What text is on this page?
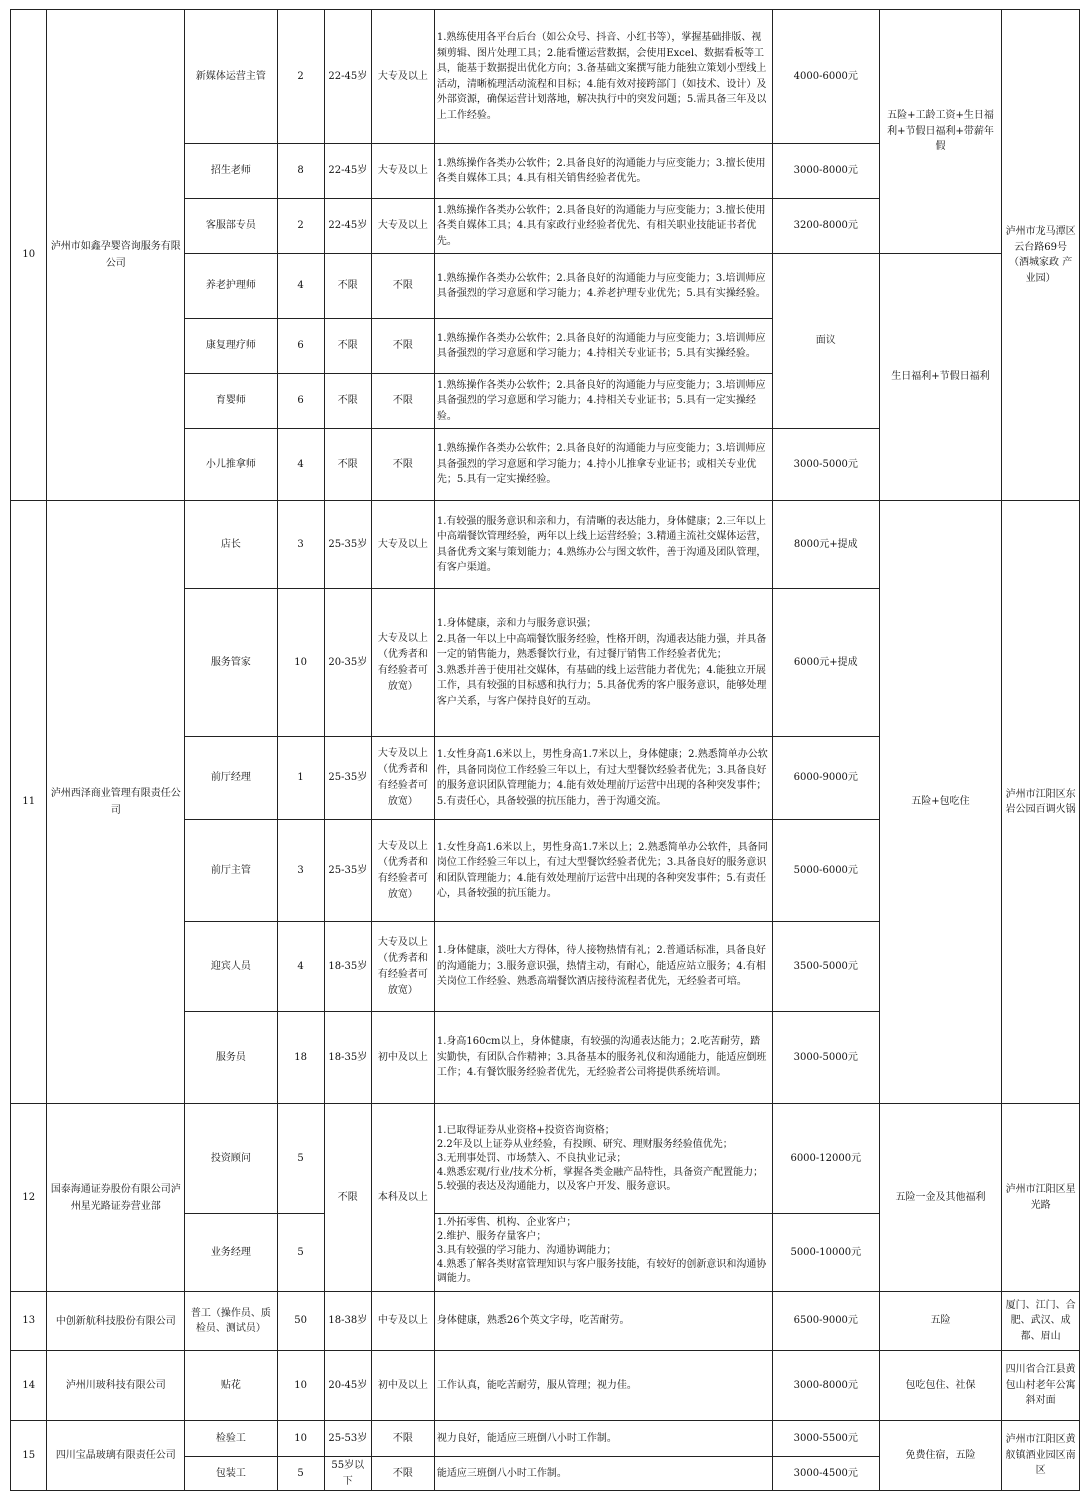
10	泸州市如鑫孕婴咨询服务有限公司	新媒体运营主管	2	22-45岁	大专及以上	1.熟练使用各平台后台（如公众号、抖音、小红书等），掌握基础排版、视频剪辑、图片处理工具；2.能看懂运营数据，会使用Excel、数据看板等工具，能基于数据提出优化方向；3.备基础文案撰写能力能独立策划小型线上活动，清晰梳理活动流程和目标；4.能有效对接跨部门（如技术、设计）及外部资源，确保运营计划落地，解决执行中的突发问题；5.需具备三年及以上工作经验。	4000-6000元	五险+工龄工资+生日福利+节假日福利+带薪年假	泸州市龙马潭区云台路69号（酒城家政 产业园）
		招生老师	8	22-45岁	大专及以上	1.熟练操作各类办公软件；2.具备良好的沟通能力与应变能力；3.擅长使用各类自媒体工具；4.具有相关销售经验者优先。	3000-8000元		
		客服部专员	2	22-45岁	大专及以上	1.熟练操作各类办公软件；2.具备良好的沟通能力与应变能力；3.擅长使用各类自媒体工具；4.具有家政行业经验者优先、有相关职业技能证书者优先。	3200-8000元		
		养老护理师	4	不限	不限	1.熟练操作各类办公软件；2.具备良好的沟通能力与应变能力；3.培训师应具备强烈的学习意愿和学习能力；4.养老护理专业优先；5.具有实操经验。	面议	生日福利+节假日福利	
		康复理疗师	6	不限	不限	1.熟练操作各类办公软件；2.具备良好的沟通能力与应变能力；3.培训师应具备强烈的学习意愿和学习能力；4.持相关专业证书；5.具有实操经验。			
		育婴师	6	不限	不限	1.熟练操作各类办公软件；2.具备良好的沟通能力与应变能力；3.培训师应具备强烈的学习意愿和学习能力；4.持相关专业证书；5.具有一定实操经验。			
		小儿推拿师	4	不限	不限	1.熟练操作各类办公软件；2.具备良好的沟通能力与应变能力；3.培训师应具备强烈的学习意愿和学习能力；4.持小儿推拿专业证书；或相关专业优先；5.具有一定实操经验。	3000-5000元		
11	泸州西泽商业管理有限责任公司	店长	3	25-35岁	大专及以上	1.有较强的服务意识和亲和力，有清晰的表达能力，身体健康；2.三年以上中高端餐饮管理经验，两年以上线上运营经验；3.精通主流社交媒体运营，具备优秀文案与策划能力；4.熟练办公与图文软件，善于沟通及团队管理，有客户渠道。	8000元+提成	五险+包吃住	泸州市江阳区东岩公园百调火锅
		服务管家	10	20-35岁	大专及以上（优秀者和有经验者可放宽）	1.身体健康，亲和力与服务意识强；
2.具备一年以上中高端餐饮服务经验，性格开朗，沟通表达能力强，并具备一定的销售能力，熟悉餐饮行业，有过餐厅销售工作经验者优先；
3.熟悉并善于使用社交媒体，有基础的线上运营能力者优先；4.能独立开展工作，具有较强的目标感和执行力；5.具备优秀的客户服务意识，能够处理客户关系，与客户保持良好的互动。	6000元+提成		
		前厅经理	1	25-35岁	大专及以上（优秀者和有经验者可放宽）	1.女性身高1.6米以上，男性身高1.7米以上，身体健康；2.熟悉简单办公软件，具备同岗位工作经验三年以上，有过大型餐饮经验者优先；3.具备良好的服务意识团队管理能力；4.能有效处理前厅运营中出现的各种突发事件；5.有责任心，具备较强的抗压能力，善于沟通交流。	6000-9000元		
		前厅主管	3	25-35岁	大专及以上（优秀者和有经验者可放宽）	1.女性身高1.6米以上，男性身高1.7米以上；2.熟悉简单办公软件，具备同岗位工作经验三年以上，有过大型餐饮经验者优先；3.具备良好的服务意识和团队管理能力；4.能有效处理前厅运营中出现的各种突发事件；5.有责任心，具备较强的抗压能力。	5000-6000元		
		迎宾人员	4	18-35岁	大专及以上（优秀者和有经验者可放宽）	1.身体健康，淡吐大方得体，待人接物热情有礼；2.普通话标准，具备良好的沟通能力；3.服务意识强，热情主动，有耐心，能适应站立服务；4.有相关岗位工作经验、熟悉高端餐饮酒店接待流程者优先，无经验者可培。	3500-5000元		
		服务员	18	18-35岁	初中及以上	1.身高160cm以上，身体健康，有较强的沟通表达能力；2.吃苦耐劳，踏实勤快，有团队合作精神；3.具备基本的服务礼仪和沟通能力，能适应倒班工作；4.有餐饮服务经验者优先，无经验者公司将提供系统培训。	3000-5000元		
12	国泰海通证券股份有限公司泸州星光路证券营业部	投资顾问	5	不限	本科及以上	1.已取得证券从业资格+投资咨询资格；
2.2年及以上证券从业经验，有投顾、研究、理财服务经验值优先；
3.无刑事处罚、市场禁入、不良执业记录；
4.熟悉宏观/行业/技术分析，掌握各类金融产品特性，具备资产配置能力；
5.较强的表达及沟通能力，以及客户开发、服务意识。	6000-12000元	五险一金及其他福利	泸州市江阳区星光路
		业务经理	5			1.外拓零售、机构、企业客户；
2.维护、服务存量客户；
3.具有较强的学习能力、沟通协调能力；
4.熟悉了解各类财富管理知识与客户服务技能，有较好的创新意识和沟通协调能力。	5000-10000元		
13	中创新航科技股份有限公司	普工（操作员、质检员、测试员）	50	18-38岁	中专及以上	身体健康，熟悉26个英文字母，吃苦耐劳。	6500-9000元	五险	厦门、江门、合肥、武汉、成都、眉山
14	泸州川玻科技有限公司	贴花	10	20-45岁	初中及以上	工作认真，能吃苦耐劳，服从管理；视力佳。	3000-8000元	包吃包住、社保	四川省合江县黄包山村老年公寓斜对面
15	四川宝晶玻璃有限责任公司	检验工	10	25-53岁	不限	视力良好，能适应三班倒八小时工作制。	3000-5500元	免费住宿，五险	泸州市江阳区黄舣镇酒业园区南区
		包装工	5	55岁以下	不限	能适应三班倒八小时工作制。	3000-4500元		
